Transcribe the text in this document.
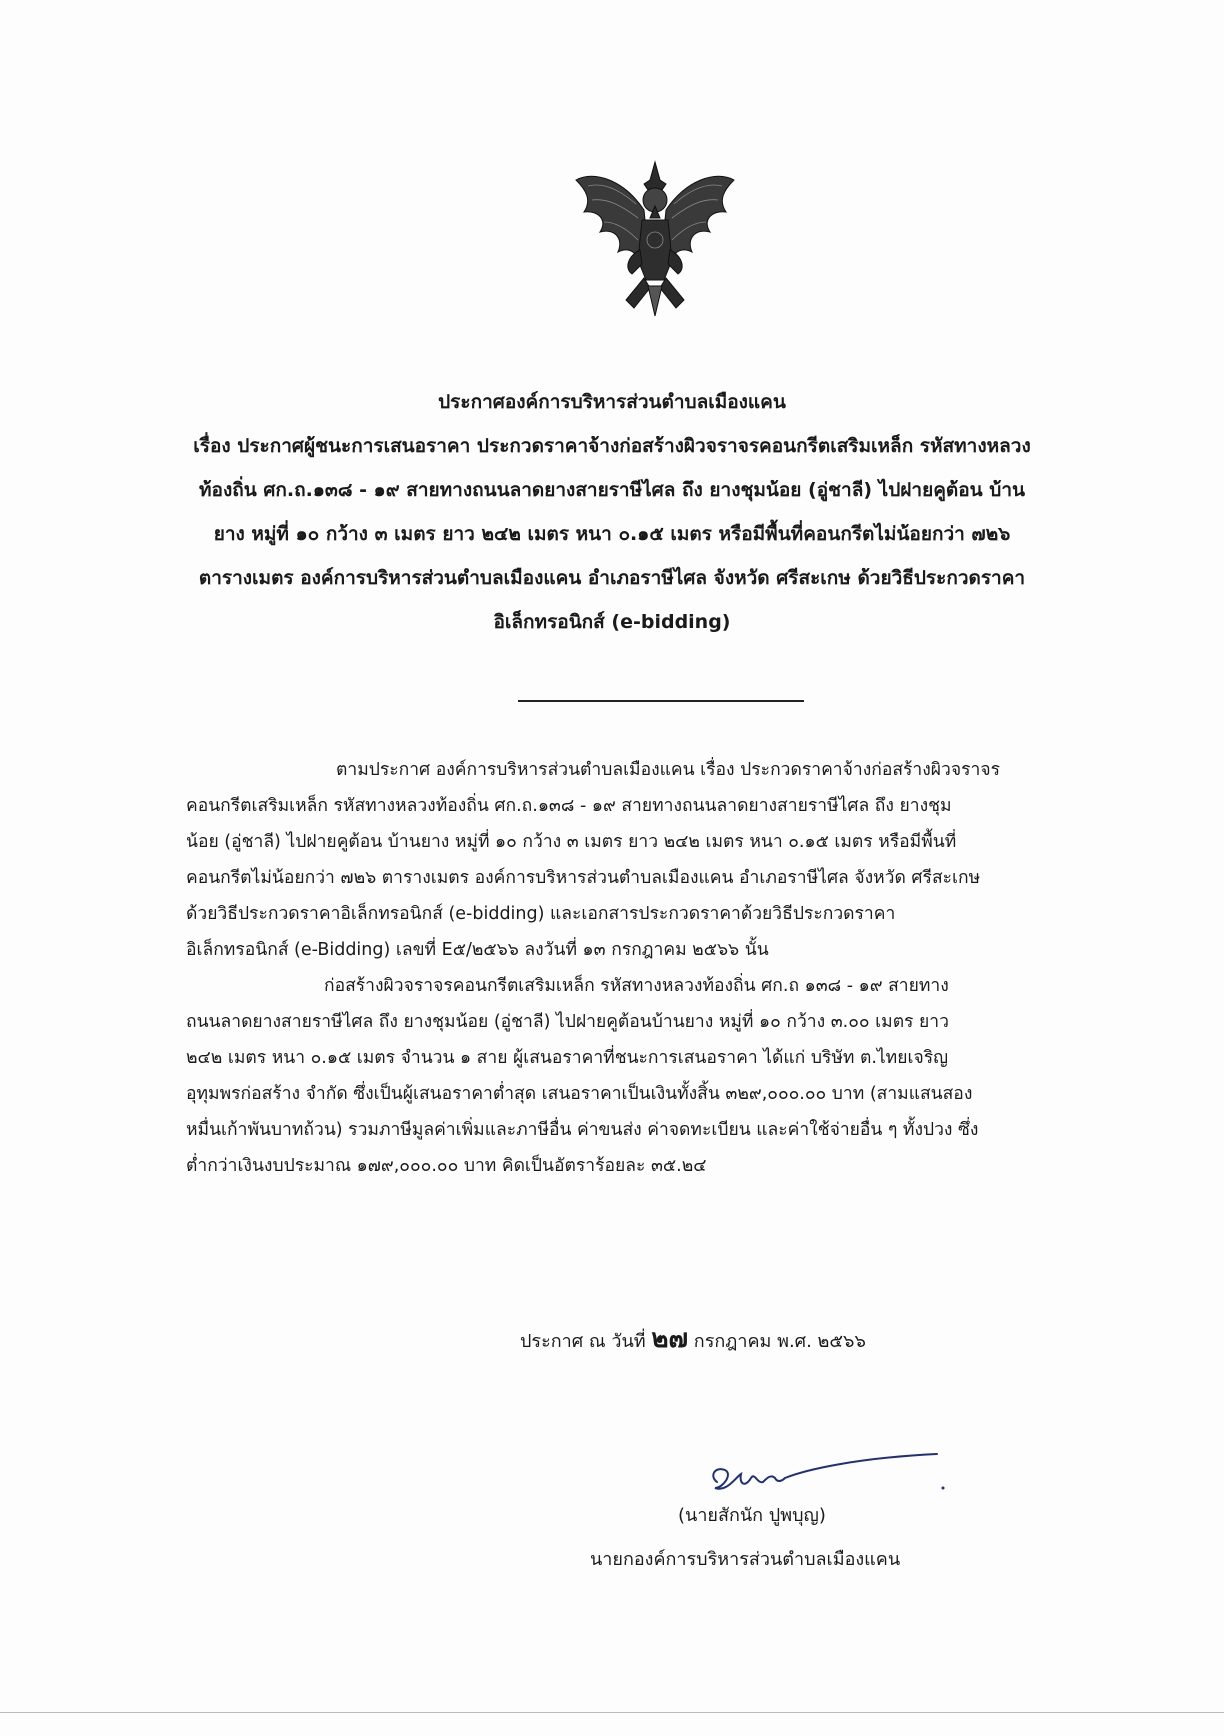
ประกาศองค์การบริหารส่วนตำบลเมืองแคน
เรื่อง ประกาศผู้ชนะการเสนอราคา ประกวดราคาจ้างก่อสร้างผิวจราจรคอนกรีตเสริมเหล็ก รหัสทางหลวง
ท้องถิ่น ศก.ถ.๑๓๘ - ๑๙ สายทางถนนลาดยางสายราษีไศล ถึง ยางชุมน้อย (อู่ชาลี) ไปฝายคูต้อน บ้าน
ยาง หมู่ที่ ๑๐ กว้าง ๓ เมตร ยาว ๒๔๒ เมตร หนา ๐.๑๕ เมตร หรือมีพื้นที่คอนกรีตไม่น้อยกว่า ๗๒๖
ตารางเมตร องค์การบริหารส่วนตำบลเมืองแคน อำเภอราษีไศล จังหวัด ศรีสะเกษ ด้วยวิธีประกวดราคา
อิเล็กทรอนิกส์ (e-bidding)
ตามประกาศ องค์การบริหารส่วนตำบลเมืองแคน เรื่อง ประกวดราคาจ้างก่อสร้างผิวจราจร
คอนกรีตเสริมเหล็ก รหัสทางหลวงท้องถิ่น ศก.ถ.๑๓๘ - ๑๙ สายทางถนนลาดยางสายราษีไศล ถึง ยางชุม
น้อย (อู่ชาลี) ไปฝายคูต้อน บ้านยาง หมู่ที่ ๑๐ กว้าง ๓ เมตร ยาว ๒๔๒ เมตร หนา ๐.๑๕ เมตร หรือมีพื้นที่
คอนกรีตไม่น้อยกว่า ๗๒๖ ตารางเมตร องค์การบริหารส่วนตำบลเมืองแคน อำเภอราษีไศล จังหวัด ศรีสะเกษ
ด้วยวิธีประกวดราคาอิเล็กทรอนิกส์ (e-bidding) และเอกสารประกวดราคาด้วยวิธีประกวดราคา
อิเล็กทรอนิกส์ (e-Bidding) เลขที่ E๕/๒๕๖๖ ลงวันที่ ๑๓ กรกฎาคม ๒๕๖๖ นั้น
ก่อสร้างผิวจราจรคอนกรีตเสริมเหล็ก รหัสทางหลวงท้องถิ่น ศก.ถ ๑๓๘ - ๑๙ สายทาง
ถนนลาดยางสายราษีไศล ถึง ยางชุมน้อย (อู่ชาลี) ไปฝายคูต้อนบ้านยาง หมู่ที่ ๑๐ กว้าง ๓.๐๐ เมตร ยาว
๒๔๒ เมตร หนา ๐.๑๕ เมตร จำนวน ๑ สาย ผู้เสนอราคาที่ชนะการเสนอราคา ได้แก่ บริษัท ต.ไทยเจริญ
อุทุมพรก่อสร้าง จำกัด ซึ่งเป็นผู้เสนอราคาต่ำสุด เสนอราคาเป็นเงินทั้งสิ้น ๓๒๙,๐๐๐.๐๐ บาท (สามแสนสอง
หมื่นเก้าพันบาทถ้วน) รวมภาษีมูลค่าเพิ่มและภาษีอื่น ค่าขนส่ง ค่าจดทะเบียน และค่าใช้จ่ายอื่น ๆ ทั้งปวง ซึ่ง
ต่ำกว่าเงินงบประมาณ ๑๗๙,๐๐๐.๐๐ บาท คิดเป็นอัตราร้อยละ ๓๕.๒๔
ประกาศ ณ วันที่ ๒๗ กรกฎาคม พ.ศ. ๒๕๖๖
(นายสักนัก ปูพบุญ)
นายกองค์การบริหารส่วนตำบลเมืองแคน
